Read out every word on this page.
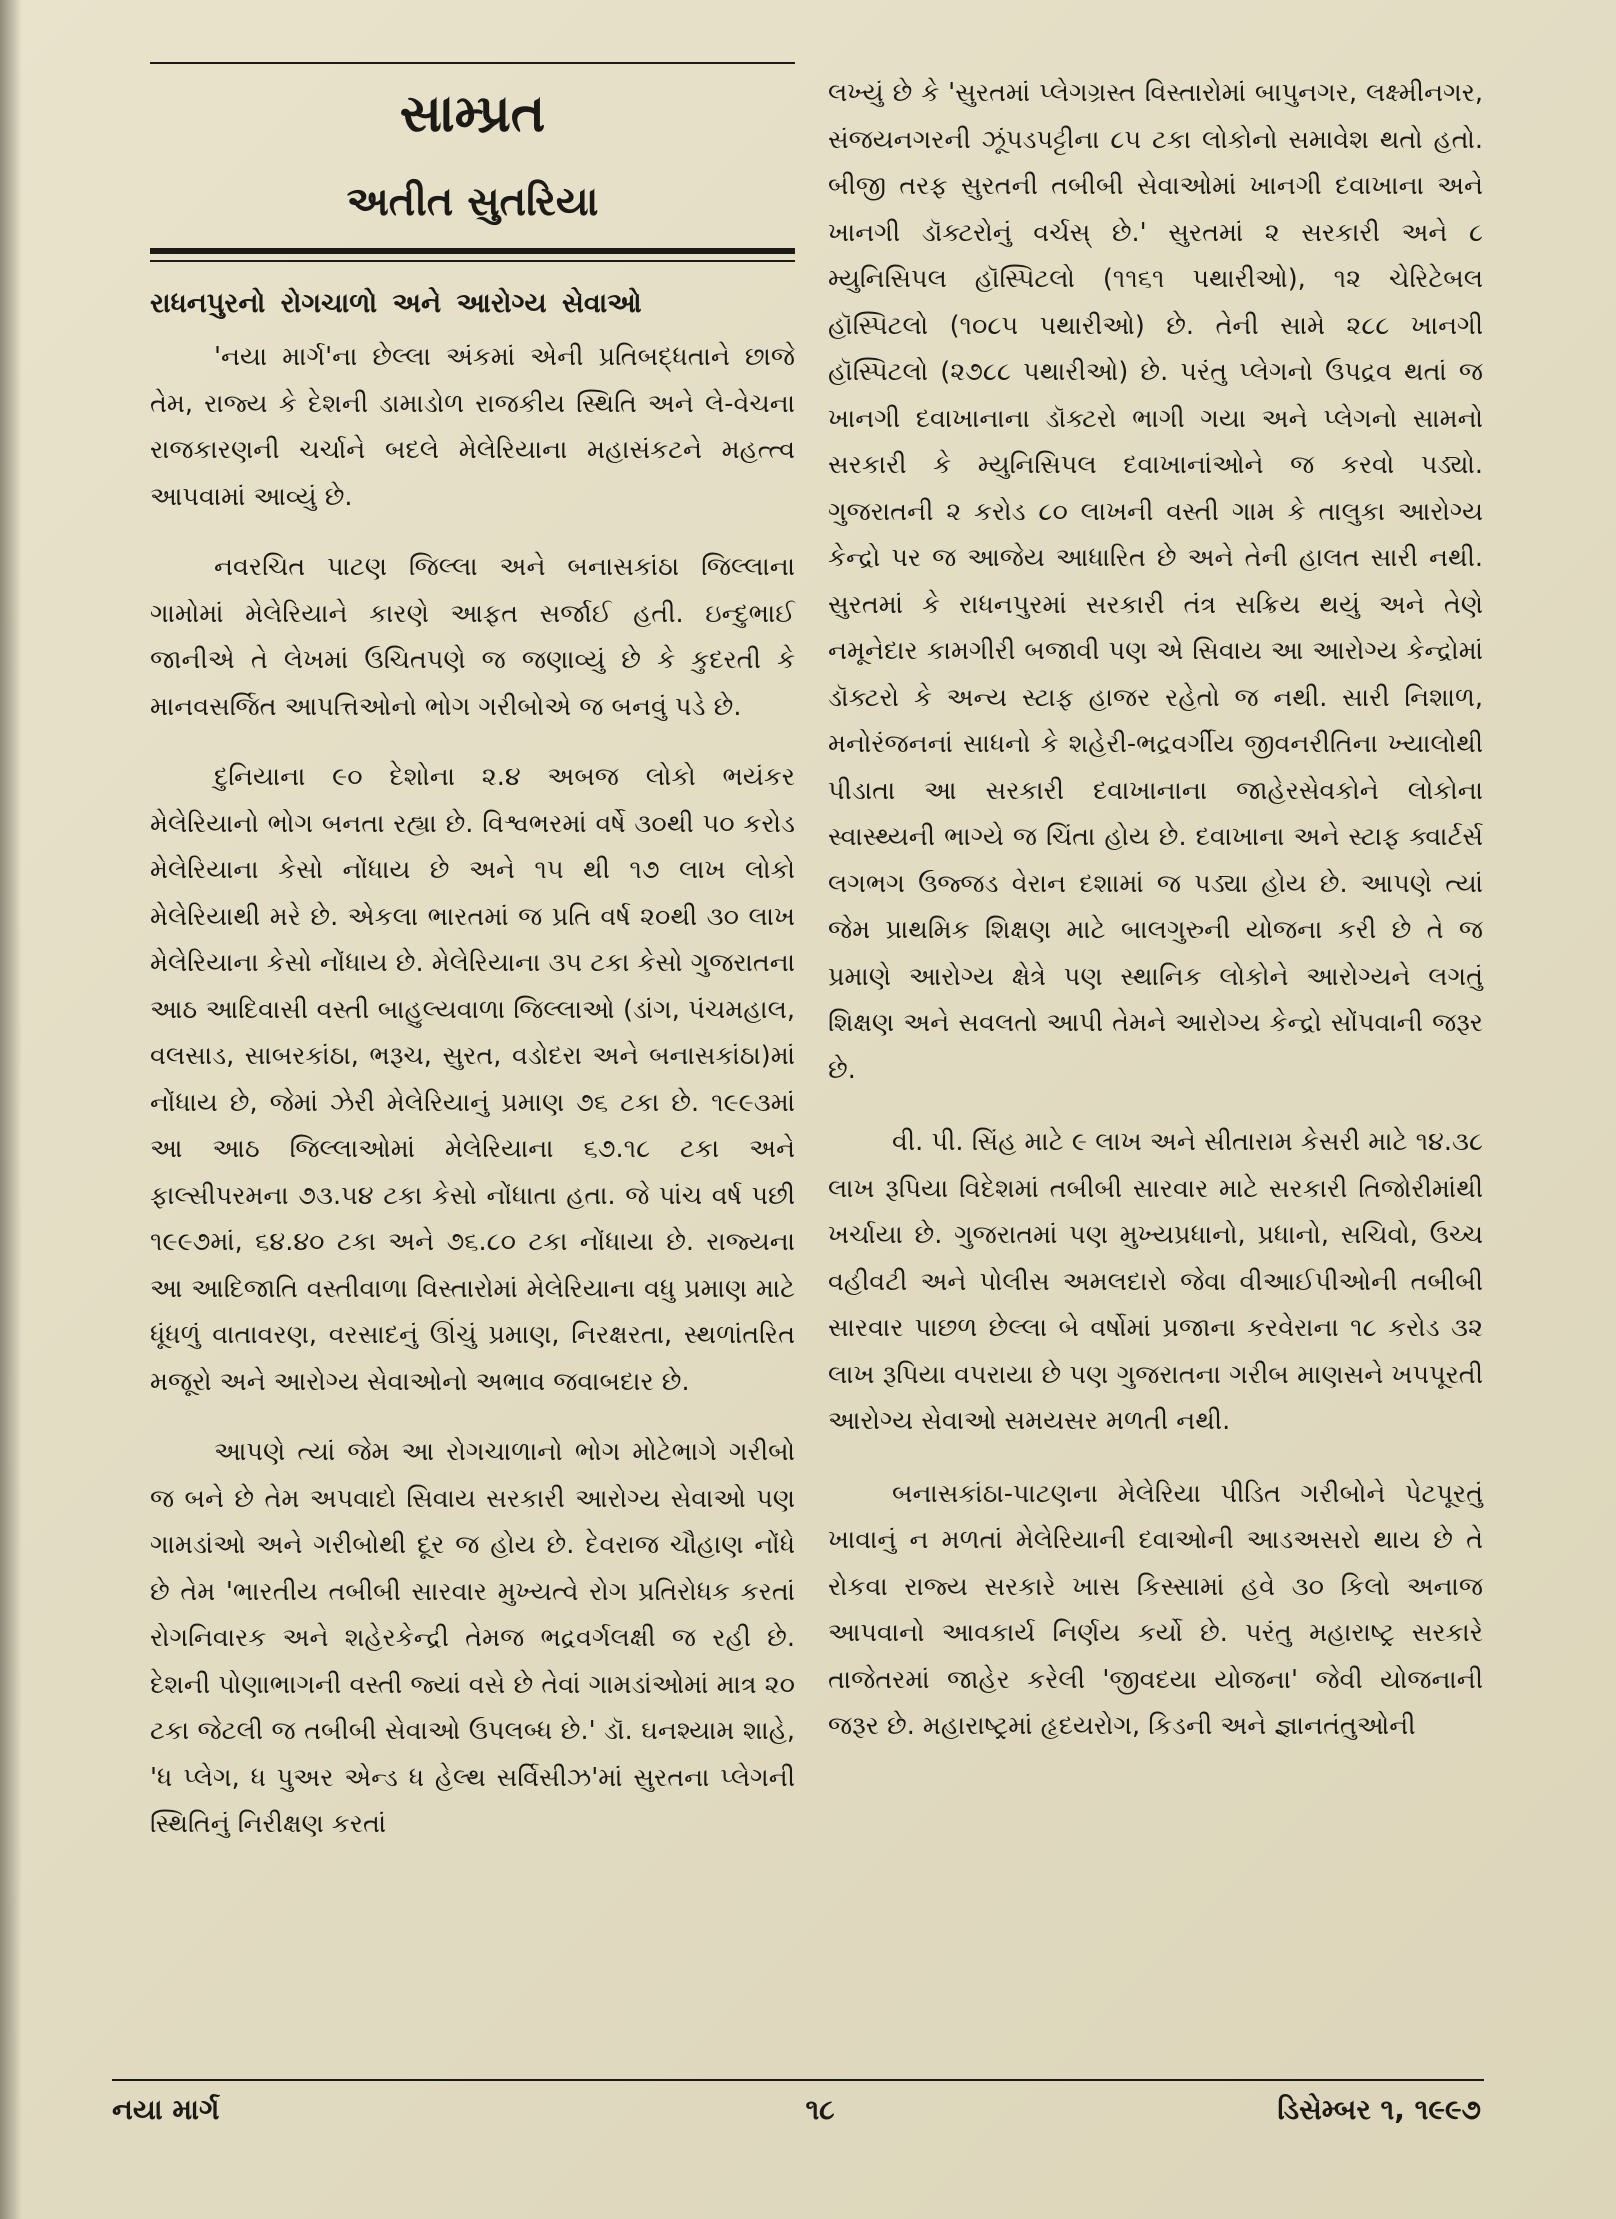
સામ્પ્રત
અતીત સુતરિયા
રાધનપુરનો રોગચાળો અને આરોગ્ય સેવાઓ

'નયા માર્ગ'ના છેલ્લા અંકમાં એની પ્રતિબદ્ધતાને છાજે તેમ, રાજ્ય કે દેશની ડામાડોળ રાજકીય સ્થિતિ અને લે-વેચના રાજકારણની ચર્ચાને બદલે મેલેરિયાના મહાસંકટને મહત્ત્વ આપવામાં આવ્યું છે.

નવરચિત પાટણ જિલ્લા અને બનાસકાંઠા જિલ્લાના ગામોમાં મેલેરિયાને કારણે આફત સર્જાઈ હતી. ઇન્દુભાઈ જાનીએ તે લેખમાં ઉચિતપણે જ જણાવ્યું છે કે કુદરતી કે માનવસર્જિત આપત્તિઓનો ભોગ ગરીબોએ જ બનવું પડે છે.

દુનિયાના ૯૦ દેશોના ૨.૪ અબજ લોકો ભયંકર મેલેરિયાનો ભોગ બનતા રહ્યા છે. વિશ્વભરમાં વર્ષે ૩૦થી ૫૦ કરોડ મેલેરિયાના કેસો નોંધાય છે અને ૧૫ થી ૧૭ લાખ લોકો મેલેરિયાથી મરે છે. એકલા ભારતમાં જ પ્રતિ વર્ષ ૨૦થી ૩૦ લાખ મેલેરિયાના કેસો નોંધાય છે. મેલેરિયાના ૩૫ ટકા કેસો ગુજરાતના આઠ આદિવાસી વસ્તી બાહુલ્યવાળા જિલ્લાઓ (ડાંગ, પંચમહાલ, વલસાડ, સાબરકાંઠા, ભરૂચ, સુરત, વડોદરા અને બનાસકાંઠા)માં નોંધાય છે, જેમાં ઝેરી મેલેરિયાનું પ્રમાણ ૭૬ ટકા છે. ૧૯૯૩માં આ આઠ જિલ્લાઓમાં મેલેરિયાના ૬૭.૧૮ ટકા અને ફાલ્સીપરમના ૭૩.૫૪ ટકા કેસો નોંધાતા હતા. જે પાંચ વર્ષ પછી ૧૯૯૭માં, ૬૪.૪૦ ટકા અને ૭૬.૮૦ ટકા નોંધાયા છે. રાજ્યના આ આદિજાતિ વસ્તીવાળા વિસ્તારોમાં મેલેરિયાના વધુ પ્રમાણ માટે ધૂંધળું વાતાવરણ, વરસાદનું ઊંચું પ્રમાણ, નિરક્ષરતા, સ્થળાંતરિત મજૂરો અને આરોગ્ય સેવાઓનો અભાવ જવાબદાર છે.

આપણે ત્યાં જેમ આ રોગચાળાનો ભોગ મોટેભાગે ગરીબો જ બને છે તેમ અપવાદો સિવાય સરકારી આરોગ્ય સેવાઓ પણ ગામડાંઓ અને ગરીબોથી દૂર જ હોય છે. દેવરાજ ચૌહાણ નોંધે છે તેમ 'ભારતીય તબીબી સારવાર મુખ્યત્વે રોગ પ્રતિરોધક કરતાં રોગનિવારક અને શહેરકેન્દ્રી તેમજ ભદ્રવર્ગલક્ષી જ રહી છે. દેશની પોણાભાગની વસ્તી જ્યાં વસે છે તેવાં ગામડાંઓમાં માત્ર ૨૦ ટકા જેટલી જ તબીબી સેવાઓ ઉપલબ્ધ છે.' ડૉ. ઘનશ્યામ શાહે, 'ધ પ્લેગ, ધ પુઅર એન્ડ ધ હેલ્થ સર્વિસીઝ'માં સુરતના પ્લેગની સ્થિતિનું નિરીક્ષણ કરતાં

લખ્યું છે કે 'સુરતમાં પ્લેગગ્રસ્ત વિસ્તારોમાં બાપુનગર, લક્ષ્મીનગર, સંજયનગરની ઝૂંપડપટ્ટીના ૮૫ ટકા લોકોનો સમાવેશ થતો હતો. બીજી તરફ સુરતની તબીબી સેવાઓમાં ખાનગી દવાખાના અને ખાનગી ડૉક્ટરોનું વર્ચસ્ છે.' સુરતમાં ૨ સરકારી અને ૮ મ્યુનિસિપલ હૉસ્પિટલો (૧૧૬૧ પથારીઓ), ૧૨ ચેરિટેબલ હૉસ્પિટલો (૧૦૮૫ પથારીઓ) છે. તેની સામે ૨૮૮ ખાનગી હૉસ્પિટલો (૨૭૮૮ પથારીઓ) છે. પરંતુ પ્લેગનો ઉપદ્રવ થતાં જ ખાનગી દવાખાનાના ડૉક્ટરો ભાગી ગયા અને પ્લેગનો સામનો સરકારી કે મ્યુનિસિપલ દવાખાનાંઓને જ કરવો પડ્યો. ગુજરાતની ૨ કરોડ ૮૦ લાખની વસ્તી ગામ કે તાલુકા આરોગ્ય કેન્દ્રો પર જ આજેય આધારિત છે અને તેની હાલત સારી નથી. સુરતમાં કે રાધનપુરમાં સરકારી તંત્ર સક્રિય થયું અને તેણે નમૂનેદાર કામગીરી બજાવી પણ એ સિવાય આ આરોગ્ય કેન્દ્રોમાં ડૉક્ટરો કે અન્ય સ્ટાફ હાજર રહેતો જ નથી. સારી નિશાળ, મનોરંજનનાં સાધનો કે શહેરી-ભદ્રવર્ગીય જીવનરીતિના ખ્યાલોથી પીડાતા આ સરકારી દવાખાનાના જાહેરસેવકોને લોકોના સ્વાસ્થ્યની ભાગ્યે જ ચિંતા હોય છે. દવાખાના અને સ્ટાફ ક્વાર્ટર્સ લગભગ ઉજ્જડ વેરાન દશામાં જ પડ્યા હોય છે. આપણે ત્યાં જેમ પ્રાથમિક શિક્ષણ માટે બાલગુરુની યોજના કરી છે તે જ પ્રમાણે આરોગ્ય ક્ષેત્રે પણ સ્થાનિક લોકોને આરોગ્યને લગતું શિક્ષણ અને સવલતો આપી તેમને આરોગ્ય કેન્દ્રો સોંપવાની જરૂર છે.

વી. પી. સિંહ માટે ૯ લાખ અને સીતારામ કેસરી માટે ૧૪.૩૮ લાખ રૂપિયા વિદેશમાં તબીબી સારવાર માટે સરકારી તિજોરીમાંથી ખર્ચાયા છે. ગુજરાતમાં પણ મુખ્યપ્રધાનો, પ્રધાનો, સચિવો, ઉચ્ચ વહીવટી અને પોલીસ અમલદારો જેવા વીઆઈપીઓની તબીબી સારવાર પાછળ છેલ્લા બે વર્ષોમાં પ્રજાના કરવેરાના ૧૮ કરોડ ૩૨ લાખ રૂપિયા વપરાયા છે પણ ગુજરાતના ગરીબ માણસને ખપપૂરતી આરોગ્ય સેવાઓ સમયસર મળતી નથી.

બનાસકાંઠા-પાટણના મેલેરિયા પીડિત ગરીબોને પેટપૂરતું ખાવાનું ન મળતાં મેલેરિયાની દવાઓની આડઅસરો થાય છે તે રોકવા રાજ્ય સરકારે ખાસ કિસ્સામાં હવે ૩૦ કિલો અનાજ આપવાનો આવકાર્ય નિર્ણય કર્યો છે. પરંતુ મહારાષ્ટ્ર સરકારે તાજેતરમાં જાહેર કરેલી 'જીવદયા યોજના' જેવી યોજનાની જરૂર છે. મહારાષ્ટ્રમાં હૃદયરોગ, કિડની અને જ્ઞાનતંતુઓની

નયા માર્ગ	૧૮	ડિસેમ્બર ૧, ૧૯૯૭
